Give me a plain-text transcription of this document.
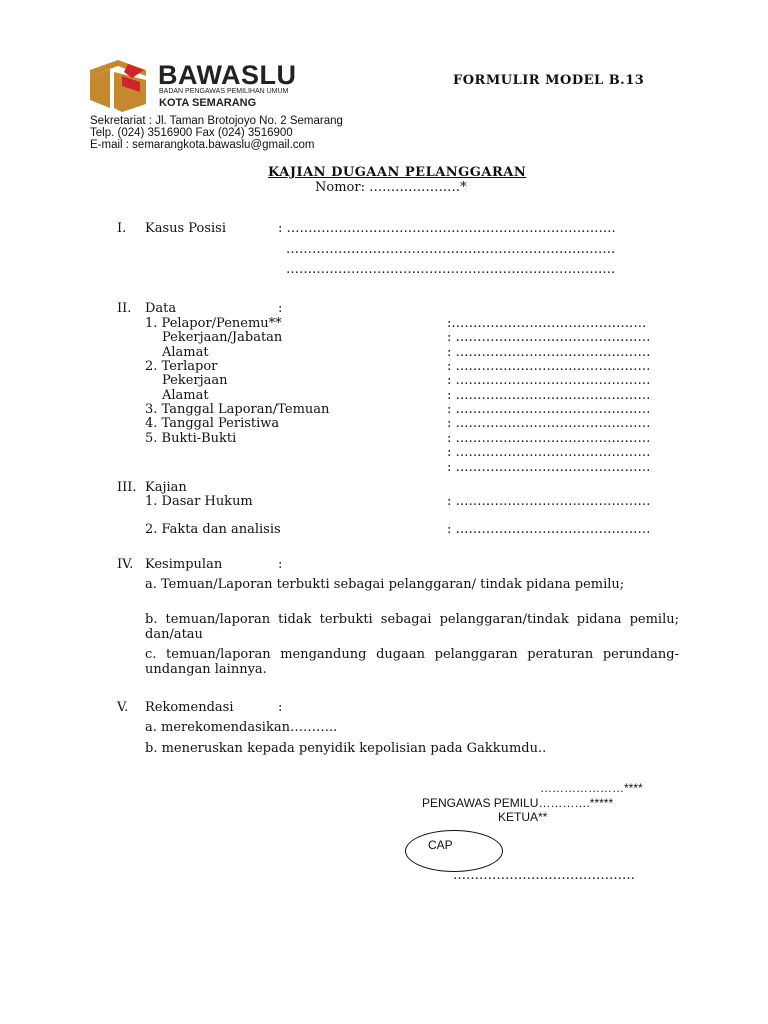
BAWASLU
BADAN PENGAWAS PEMILIHAN UMUM
KOTA SEMARANG
FORMULIR MODEL B.13
Sekretariat : Jl. Taman Brotojoyo No. 2 Semarang
Telp. (024) 3516900 Fax (024) 3516900
E-mail : semarangkota.bawaslu@gmail.com
KAJIAN DUGAAN PELANGGARAN
Nomor: …………………*
I. Kasus Posisi	: ………………………………………………………………….
………………………………………………………………….
………………………………………………………………….
II. Data	:
1. Pelapor/Penemu**	:………………………………………
Pekerjaan/Jabatan	: ………………………………………
Alamat	: ………………………………………
2. Terlapor	: ………………………………………
Pekerjaan	: ………………………………………
Alamat	: ………………………………………
3. Tanggal Laporan/Temuan	: ………………………………………
4. Tanggal Peristiwa	: ………………………………………
5. Bukti-Bukti	: ………………………………………
: ………………………………………
: ………………………………………
III. Kajian
1. Dasar Hukum	: ………………………………………
2. Fakta dan analisis	: ………………………………………
IV. Kesimpulan	:
a. Temuan/Laporan terbukti sebagai pelanggaran/ tindak pidana pemilu;
b. temuan/laporan tidak terbukti sebagai pelanggaran/tindak pidana pemilu; dan/atau
c. temuan/laporan mengandung dugaan pelanggaran peraturan perundang-undangan lainnya.
V. Rekomendasi	:
a. merekomendasikan………..
b. meneruskan kepada penyidik kepolisian pada Gakkumdu..
…………………****
PENGAWAS PEMILU………….*****
KETUA**
CAP
……………………………………
